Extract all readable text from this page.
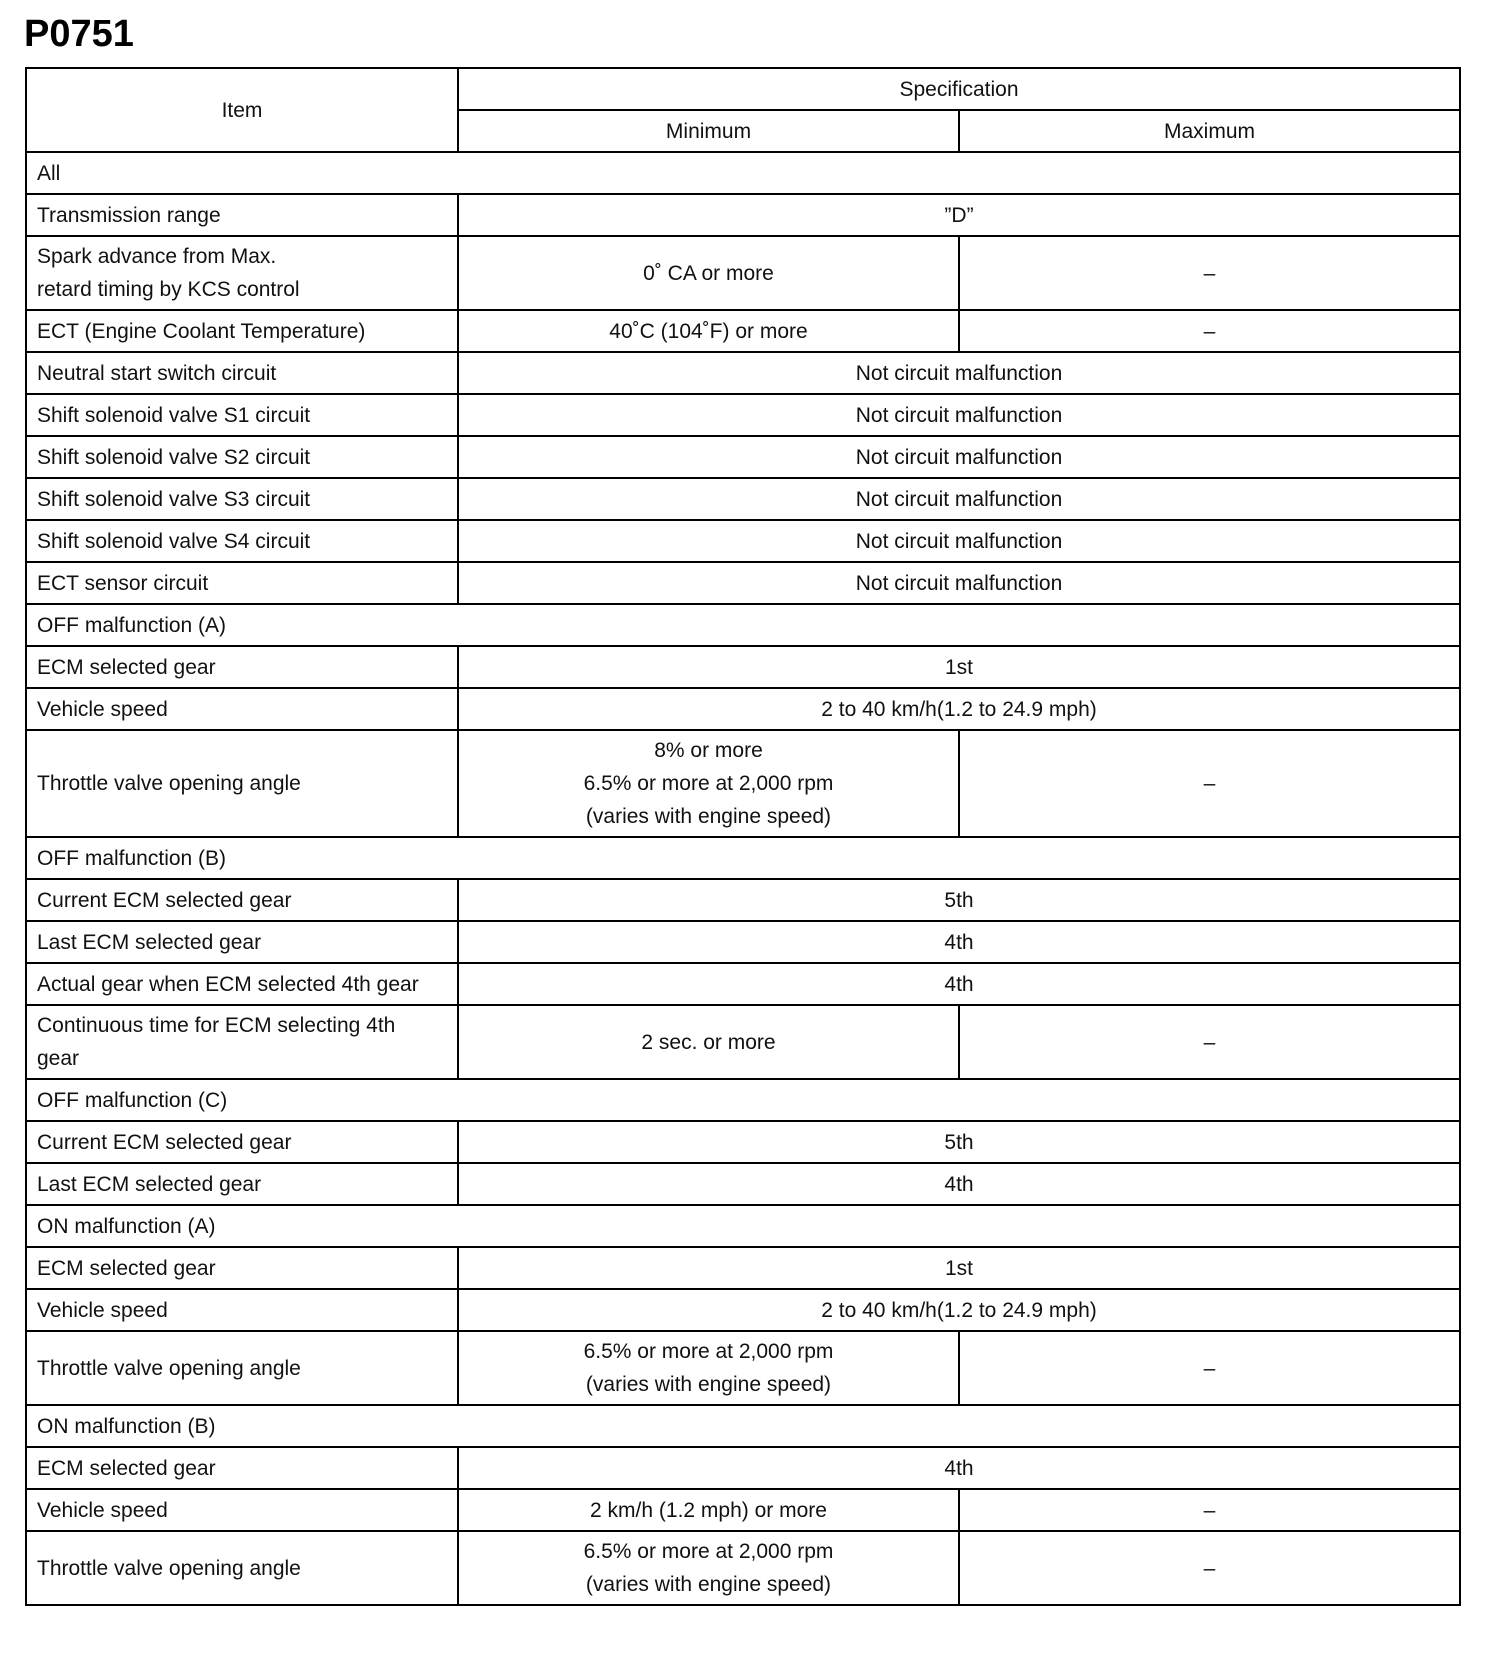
P0751
Item	Specification	
	Minimum	Maximum
All		

Transmission range	”D”	

Spark advance from Max.
retard timing by KCS control	0˚ CA or more	–

ECT (Engine Coolant Temperature)	40˚C (104˚F) or more	–

Neutral start switch circuit	Not circuit malfunction	

Shift solenoid valve S1 circuit	Not circuit malfunction	

Shift solenoid valve S2 circuit	Not circuit malfunction	

Shift solenoid valve S3 circuit	Not circuit malfunction	

Shift solenoid valve S4 circuit	Not circuit malfunction	

ECT sensor circuit	Not circuit malfunction	

OFF malfunction (A)		

ECM selected gear	1st	

Vehicle speed	2 to 40 km/h(1.2 to 24.9 mph)	

Throttle valve opening angle	8% or more
6.5% or more at 2,000 rpm
(varies with engine speed)	–

OFF malfunction (B)		

Current ECM selected gear	5th	

Last ECM selected gear	4th	

Actual gear when ECM selected 4th gear	4th	

Continuous time for ECM selecting 4th
gear	2 sec. or more	–

OFF malfunction (C)		

Current ECM selected gear	5th	

Last ECM selected gear	4th	

ON malfunction (A)		

ECM selected gear	1st	

Vehicle speed	2 to 40 km/h(1.2 to 24.9 mph)	

Throttle valve opening angle	6.5% or more at 2,000 rpm
(varies with engine speed)	–

ON malfunction (B)		

ECM selected gear	4th	

Vehicle speed	2 km/h (1.2 mph) or more	–

Throttle valve opening angle	6.5% or more at 2,000 rpm
(varies with engine speed)	–
